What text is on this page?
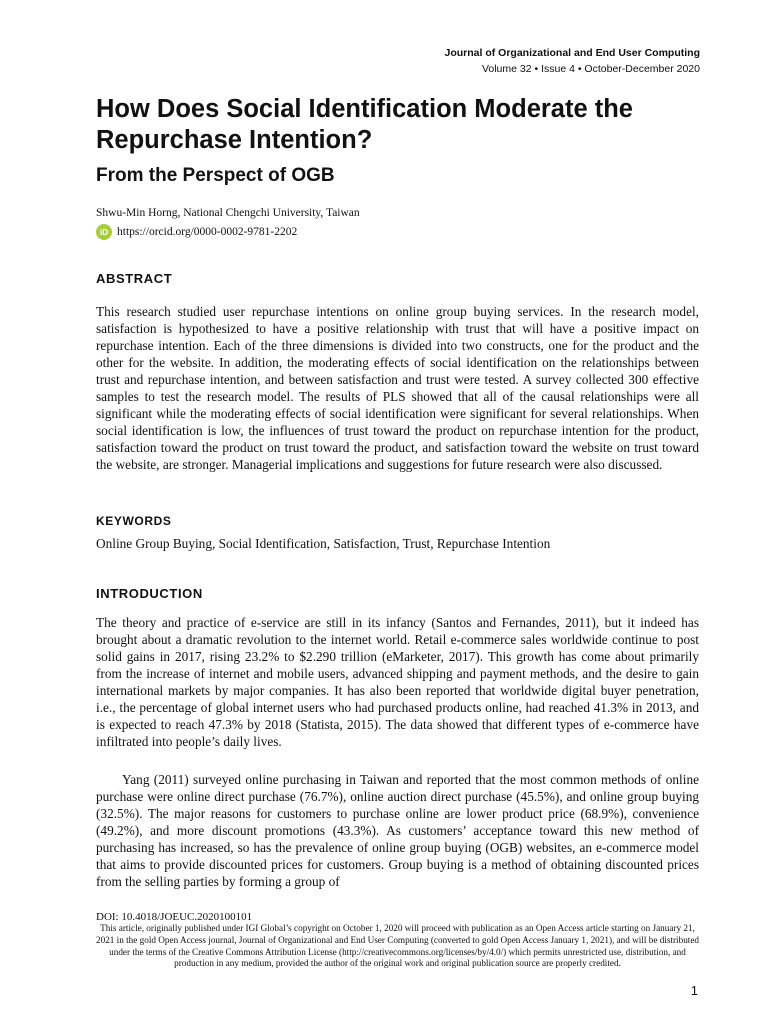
Journal of Organizational and End User Computing
Volume 32 • Issue 4 • October-December 2020
How Does Social Identification Moderate the Repurchase Intention?
From the Perspect of OGB
Shwu-Min Horng, National Chengchi University, Taiwan
iD https://orcid.org/0000-0002-9781-2202
ABSTRACT

This research studied user repurchase intentions on online group buying services. In the research model, satisfaction is hypothesized to have a positive relationship with trust that will have a positive impact on repurchase intention. Each of the three dimensions is divided into two constructs, one for the product and the other for the website. In addition, the moderating effects of social identification on the relationships between trust and repurchase intention, and between satisfaction and trust were tested. A survey collected 300 effective samples to test the research model. The results of PLS showed that all of the causal relationships were all significant while the moderating effects of social identification were significant for several relationships. When social identification is low, the influences of trust toward the product on repurchase intention for the product, satisfaction toward the product on trust toward the product, and satisfaction toward the website on trust toward the website, are stronger. Managerial implications and suggestions for future research were also discussed.

KEYWORDS

Online Group Buying, Social Identification, Satisfaction, Trust, Repurchase Intention

INTRODUCTION

The theory and practice of e-service are still in its infancy (Santos and Fernandes, 2011), but it indeed has brought about a dramatic revolution to the internet world. Retail e-commerce sales worldwide continue to post solid gains in 2017, rising 23.2% to $2.290 trillion (eMarketer, 2017). This growth has come about primarily from the increase of internet and mobile users, advanced shipping and payment methods, and the desire to gain international markets by major companies. It has also been reported that worldwide digital buyer penetration, i.e., the percentage of global internet users who had purchased products online, had reached 41.3% in 2013, and is expected to reach 47.3% by 2018 (Statista, 2015). The data showed that different types of e-commerce have infiltrated into people’s daily lives.

Yang (2011) surveyed online purchasing in Taiwan and reported that the most common methods of online purchase were online direct purchase (76.7%), online auction direct purchase (45.5%), and online group buying (32.5%). The major reasons for customers to purchase online are lower product price (68.9%), convenience (49.2%), and more discount promotions (43.3%). As customers’ acceptance toward this new method of purchasing has increased, so has the prevalence of online group buying (OGB) websites, an e-commerce model that aims to provide discounted prices for customers. Group buying is a method of obtaining discounted prices from the selling parties by forming a group of

DOI: 10.4018/JOEUC.2020100101

This article, originally published under IGI Global’s copyright on October 1, 2020 will proceed with publication as an Open Access article starting on January 21, 2021 in the gold Open Access journal, Journal of Organizational and End User Computing (converted to gold Open Access January 1, 2021), and will be distributed under the terms of the Creative Commons Attribution License (http://creativecommons.org/licenses/by/4.0/) which permits unrestricted use, distribution, and production in any medium, provided the author of the original work and original publication source are properly credited.

1
